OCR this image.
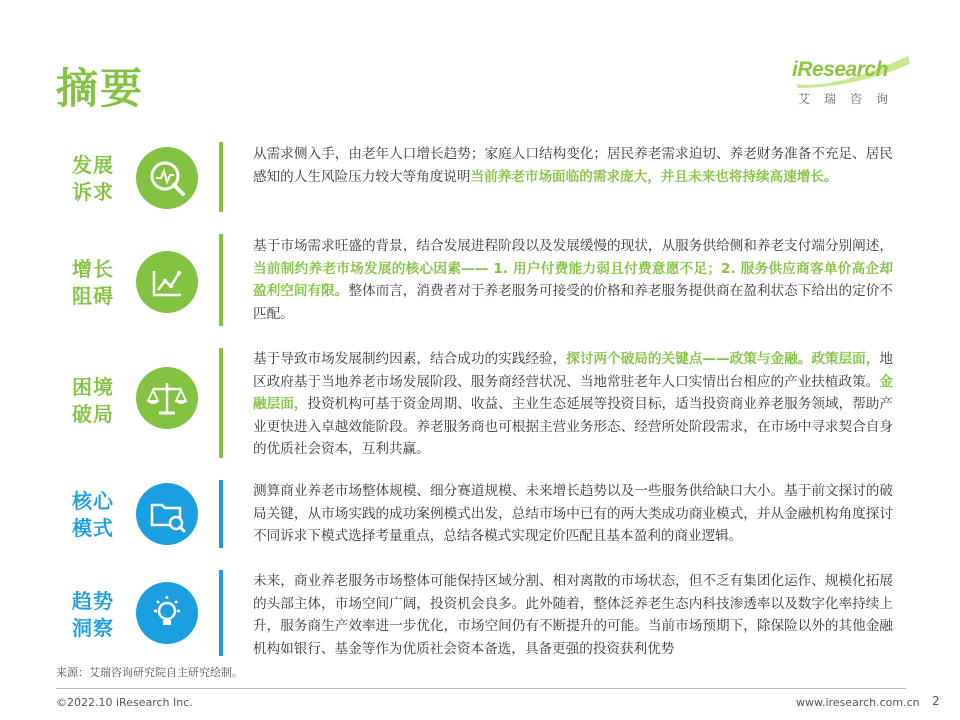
摘要	iResearch
艾瑞咨询
发展
诉求

从需求侧入手，由老年人口增长趋势；家庭人口结构变化；居民养老需求迫切、养老财务准备不充足、居民感知的人生风险压力较大等角度说明当前养老市场面临的需求庞大，并且未来也将持续高速增长。

增长
阻碍

基于市场需求旺盛的背景，结合发展进程阶段以及发展缓慢的现状，从服务供给侧和养老支付端分别阐述，当前制约养老市场发展的核心因素—— 1. 用户付费能力弱且付费意愿不足；2. 服务供应商客单价高企却盈利空间有限。整体而言，消费者对于养老服务可接受的价格和养老服务提供商在盈利状态下给出的定价不匹配。

困境
破局

基于导致市场发展制约因素，结合成功的实践经验，探讨两个破局的关键点——政策与金融。政策层面，地区政府基于当地养老市场发展阶段、服务商经营状况、当地常驻老年人口实情出台相应的产业扶植政策。金融层面，投资机构可基于资金周期、收益、主业生态延展等投资目标，适当投资商业养老服务领域，帮助产业更快进入卓越效能阶段。养老服务商也可根据主营业务形态、经营所处阶段需求，在市场中寻求契合自身的优质社会资本，互利共赢。

核心
模式

测算商业养老市场整体规模、细分赛道规模、未来增长趋势以及一些服务供给缺口大小。基于前文探讨的破局关键，从市场实践的成功案例模式出发，总结市场中已有的两大类成功商业模式，并从金融机构角度探讨不同诉求下模式选择考量重点，总结各模式实现定价匹配且基本盈利的商业逻辑。

趋势
洞察

未来，商业养老服务市场整体可能保持区域分割、相对离散的市场状态，但不乏有集团化运作、规模化拓展的头部主体，市场空间广阔，投资机会良多。此外随着，整体泛养老生态内科技渗透率以及数字化率持续上升，服务商生产效率进一步优化，市场空间仍有不断提升的可能。当前市场预期下，除保险以外的其他金融机构如银行、基金等作为优质社会资本备选，具备更强的投资获利优势

来源：艾瑞咨询研究院自主研究绘制。
©2022.10 iResearch Inc.	www.iresearch.com.cn 2
